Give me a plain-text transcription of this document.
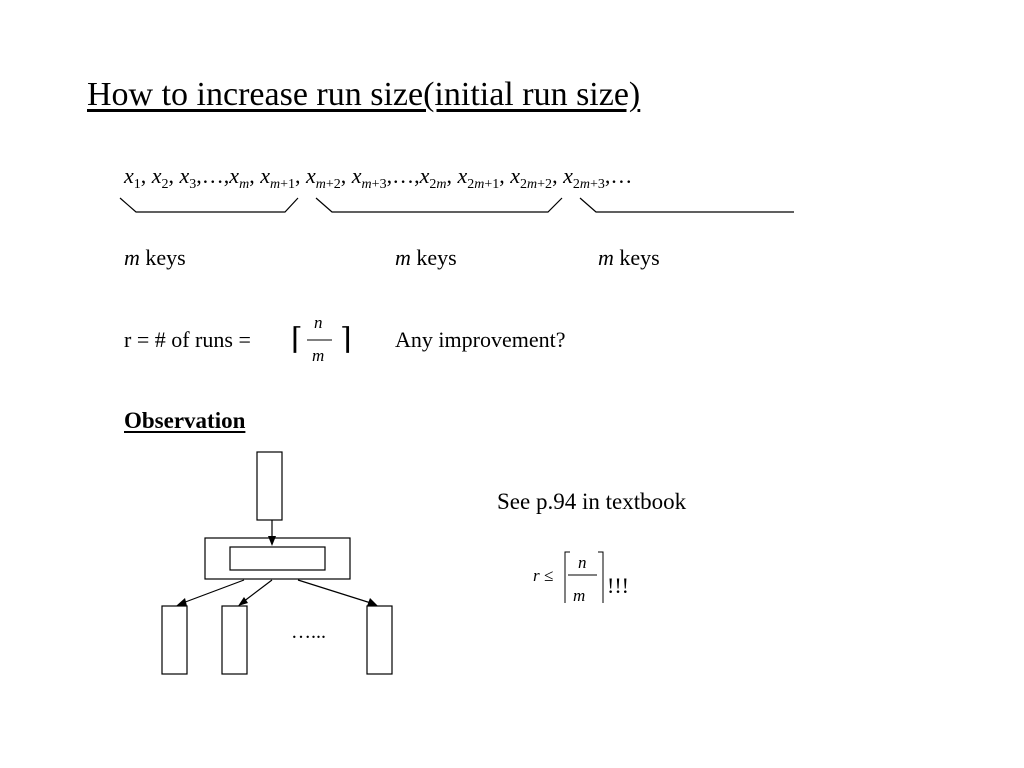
How to increase run size(initial run size)
$x_1$, $x_2$, $x_3,\dots,x_m$, $x_{m+1}$, $x_{m+2}$, $x_{m+3},\dots,x_{2m}$, $x_{2m+1}$, $x_{2m+2}$, $x_{2m+3},\dots$
m keys	m keys	m keys
r = # of runs = ⌈
n
m ⌉ Any improvement?
Observation
See p.94 in textbook
r ≤
n
m !!!
…...
